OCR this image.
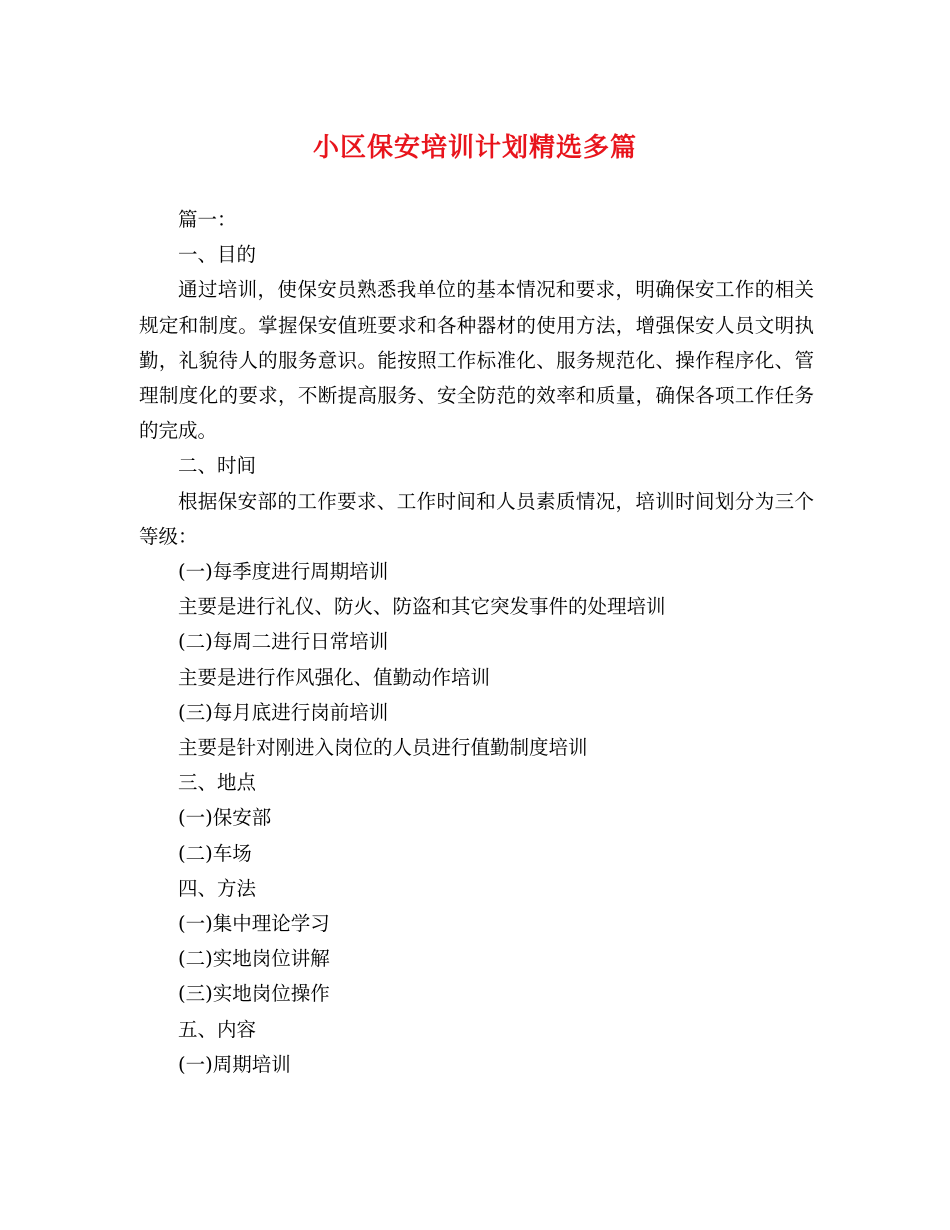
小区保安培训计划精选多篇

篇一：

一、目的

通过培训，使保安员熟悉我单位的基本情况和要求，明确保安工作的相关规定和制度。掌握保安值班要求和各种器材的使用方法，增强保安人员文明执勤，礼貌待人的服务意识。能按照工作标准化、服务规范化、操作程序化、管理制度化的要求，不断提高服务、安全防范的效率和质量，确保各项工作任务的完成。

二、时间

根据保安部的工作要求、工作时间和人员素质情况，培训时间划分为三个等级：

(一)每季度进行周期培训

主要是进行礼仪、防火、防盗和其它突发事件的处理培训

(二)每周二进行日常培训

主要是进行作风强化、值勤动作培训

(三)每月底进行岗前培训

主要是针对刚进入岗位的人员进行值勤制度培训

三、地点

(一)保安部

(二)车场

四、方法

(一)集中理论学习

(二)实地岗位讲解

(三)实地岗位操作

五、内容

(一)周期培训
